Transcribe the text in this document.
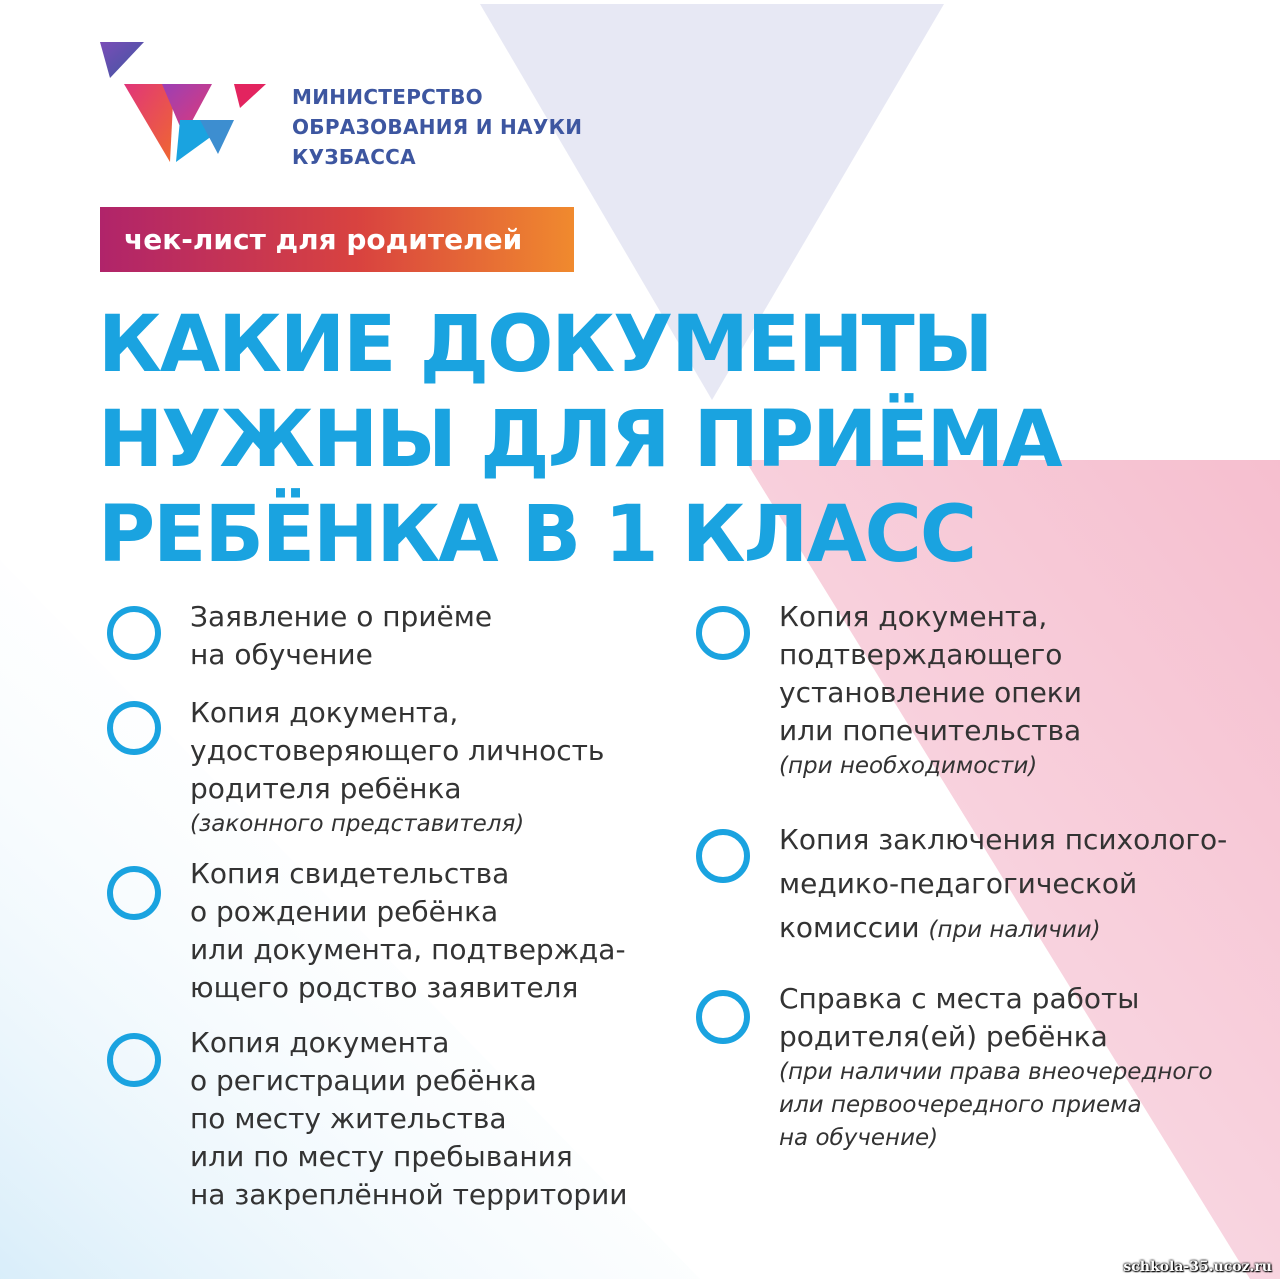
МИНИСТЕРСТВО
ОБРАЗОВАНИЯ И НАУКИ
КУЗБАССА
чек-лист для родителей
КАКИЕ ДОКУМЕНТЫ
НУЖНЫ ДЛЯ ПРИЁМА
РЕБЁНКА В 1 КЛАСС
Заявление о приёме
на обучение
Копия документа,
удостоверяющего личность
родителя ребёнка
(законного представителя)
Копия свидетельства
о рождении ребёнка
или документа, подтвержда-
ющего родство заявителя
Копия документа
о регистрации ребёнка
по месту жительства
или по месту пребывания
на закреплённой территории
Копия документа,
подтверждающего
установление опеки
или попечительства
(при необходимости)
Копия заключения психолого-
медико-педагогической
комиссии (при наличии)
Справка с места работы
родителя(ей) ребёнка
(при наличии права внеочередного
или первоочередного приема
на обучение)
schkola-35.ucoz.ru
